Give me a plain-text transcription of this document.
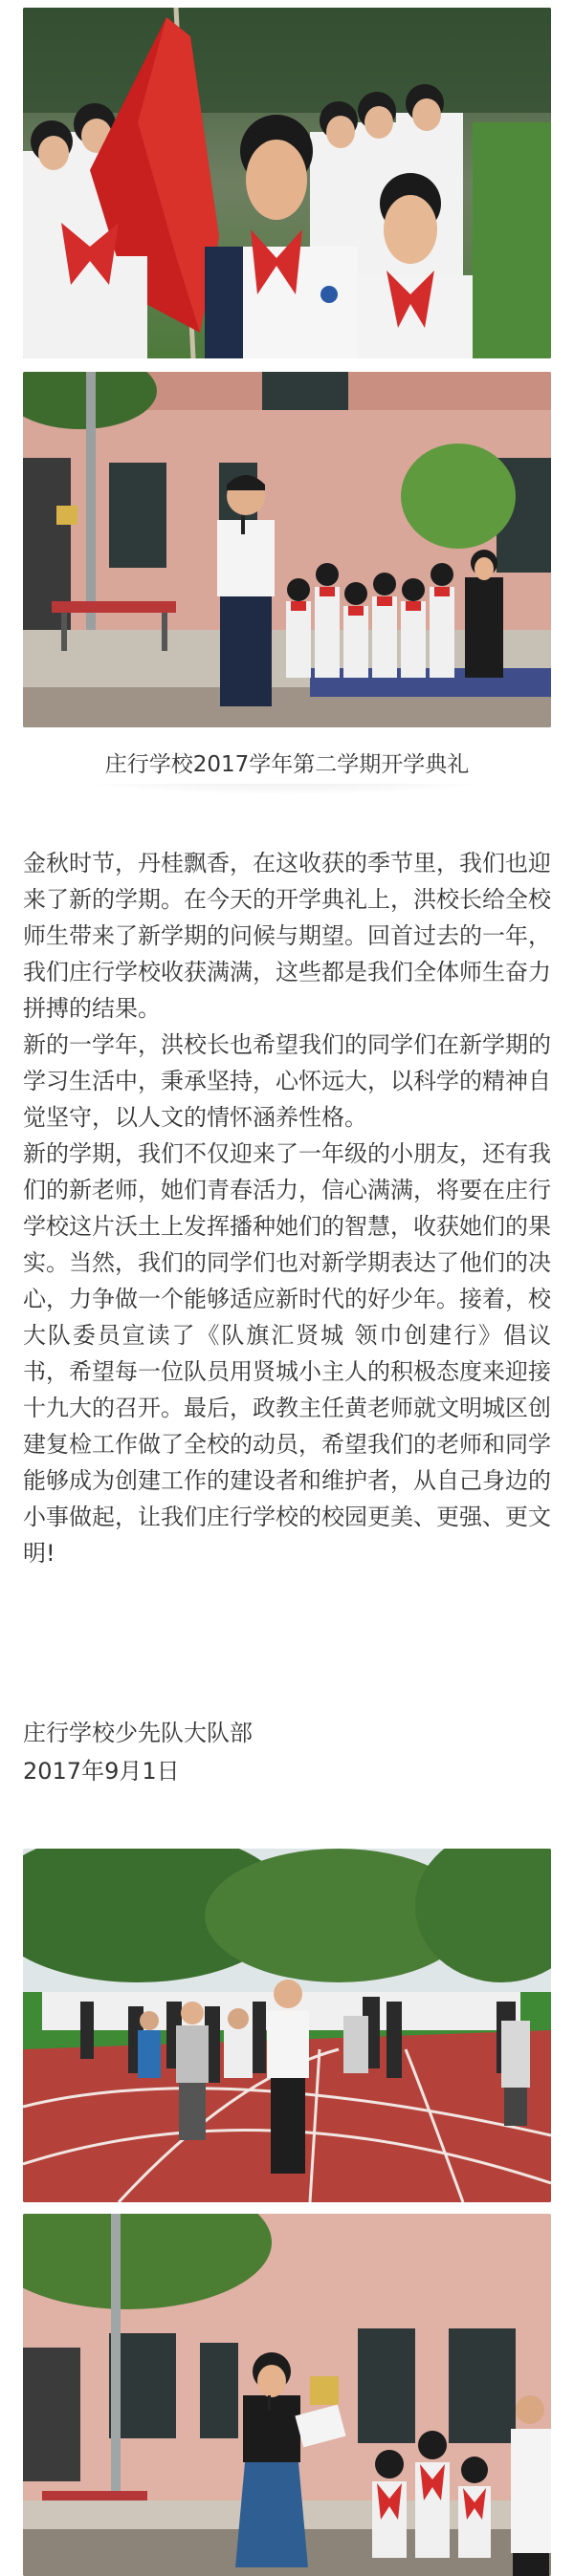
庄行学校2017学年第二学期开学典礼

金秋时节，丹桂飘香，在这收获的季节里，我们也迎来了新的学期。在今天的开学典礼上，洪校长给全校师生带来了新学期的问候与期望。回首过去的一年，我们庄行学校收获满满，这些都是我们全体师生奋力拼搏的结果。

新的一学年，洪校长也希望我们的同学们在新学期的学习生活中，秉承坚持，心怀远大，以科学的精神自觉坚守，以人文的情怀涵养性格。

新的学期，我们不仅迎来了一年级的小朋友，还有我们的新老师，她们青春活力，信心满满，将要在庄行学校这片沃土上发挥播种她们的智慧，收获她们的果实。当然，我们的同学们也对新学期表达了他们的决心，力争做一个能够适应新时代的好少年。接着，校大队委员宣读了《队旗汇贤城 领巾创建行》倡议书，希望每一位队员用贤城小主人的积极态度来迎接十九大的召开。最后，政教主任黄老师就文明城区创建复检工作做了全校的动员，希望我们的老师和同学能够成为创建工作的建设者和维护者，从自己身边的小事做起，让我们庄行学校的校园更美、更强、更文明!

庄行学校少先队大队部
2017年9月1日
